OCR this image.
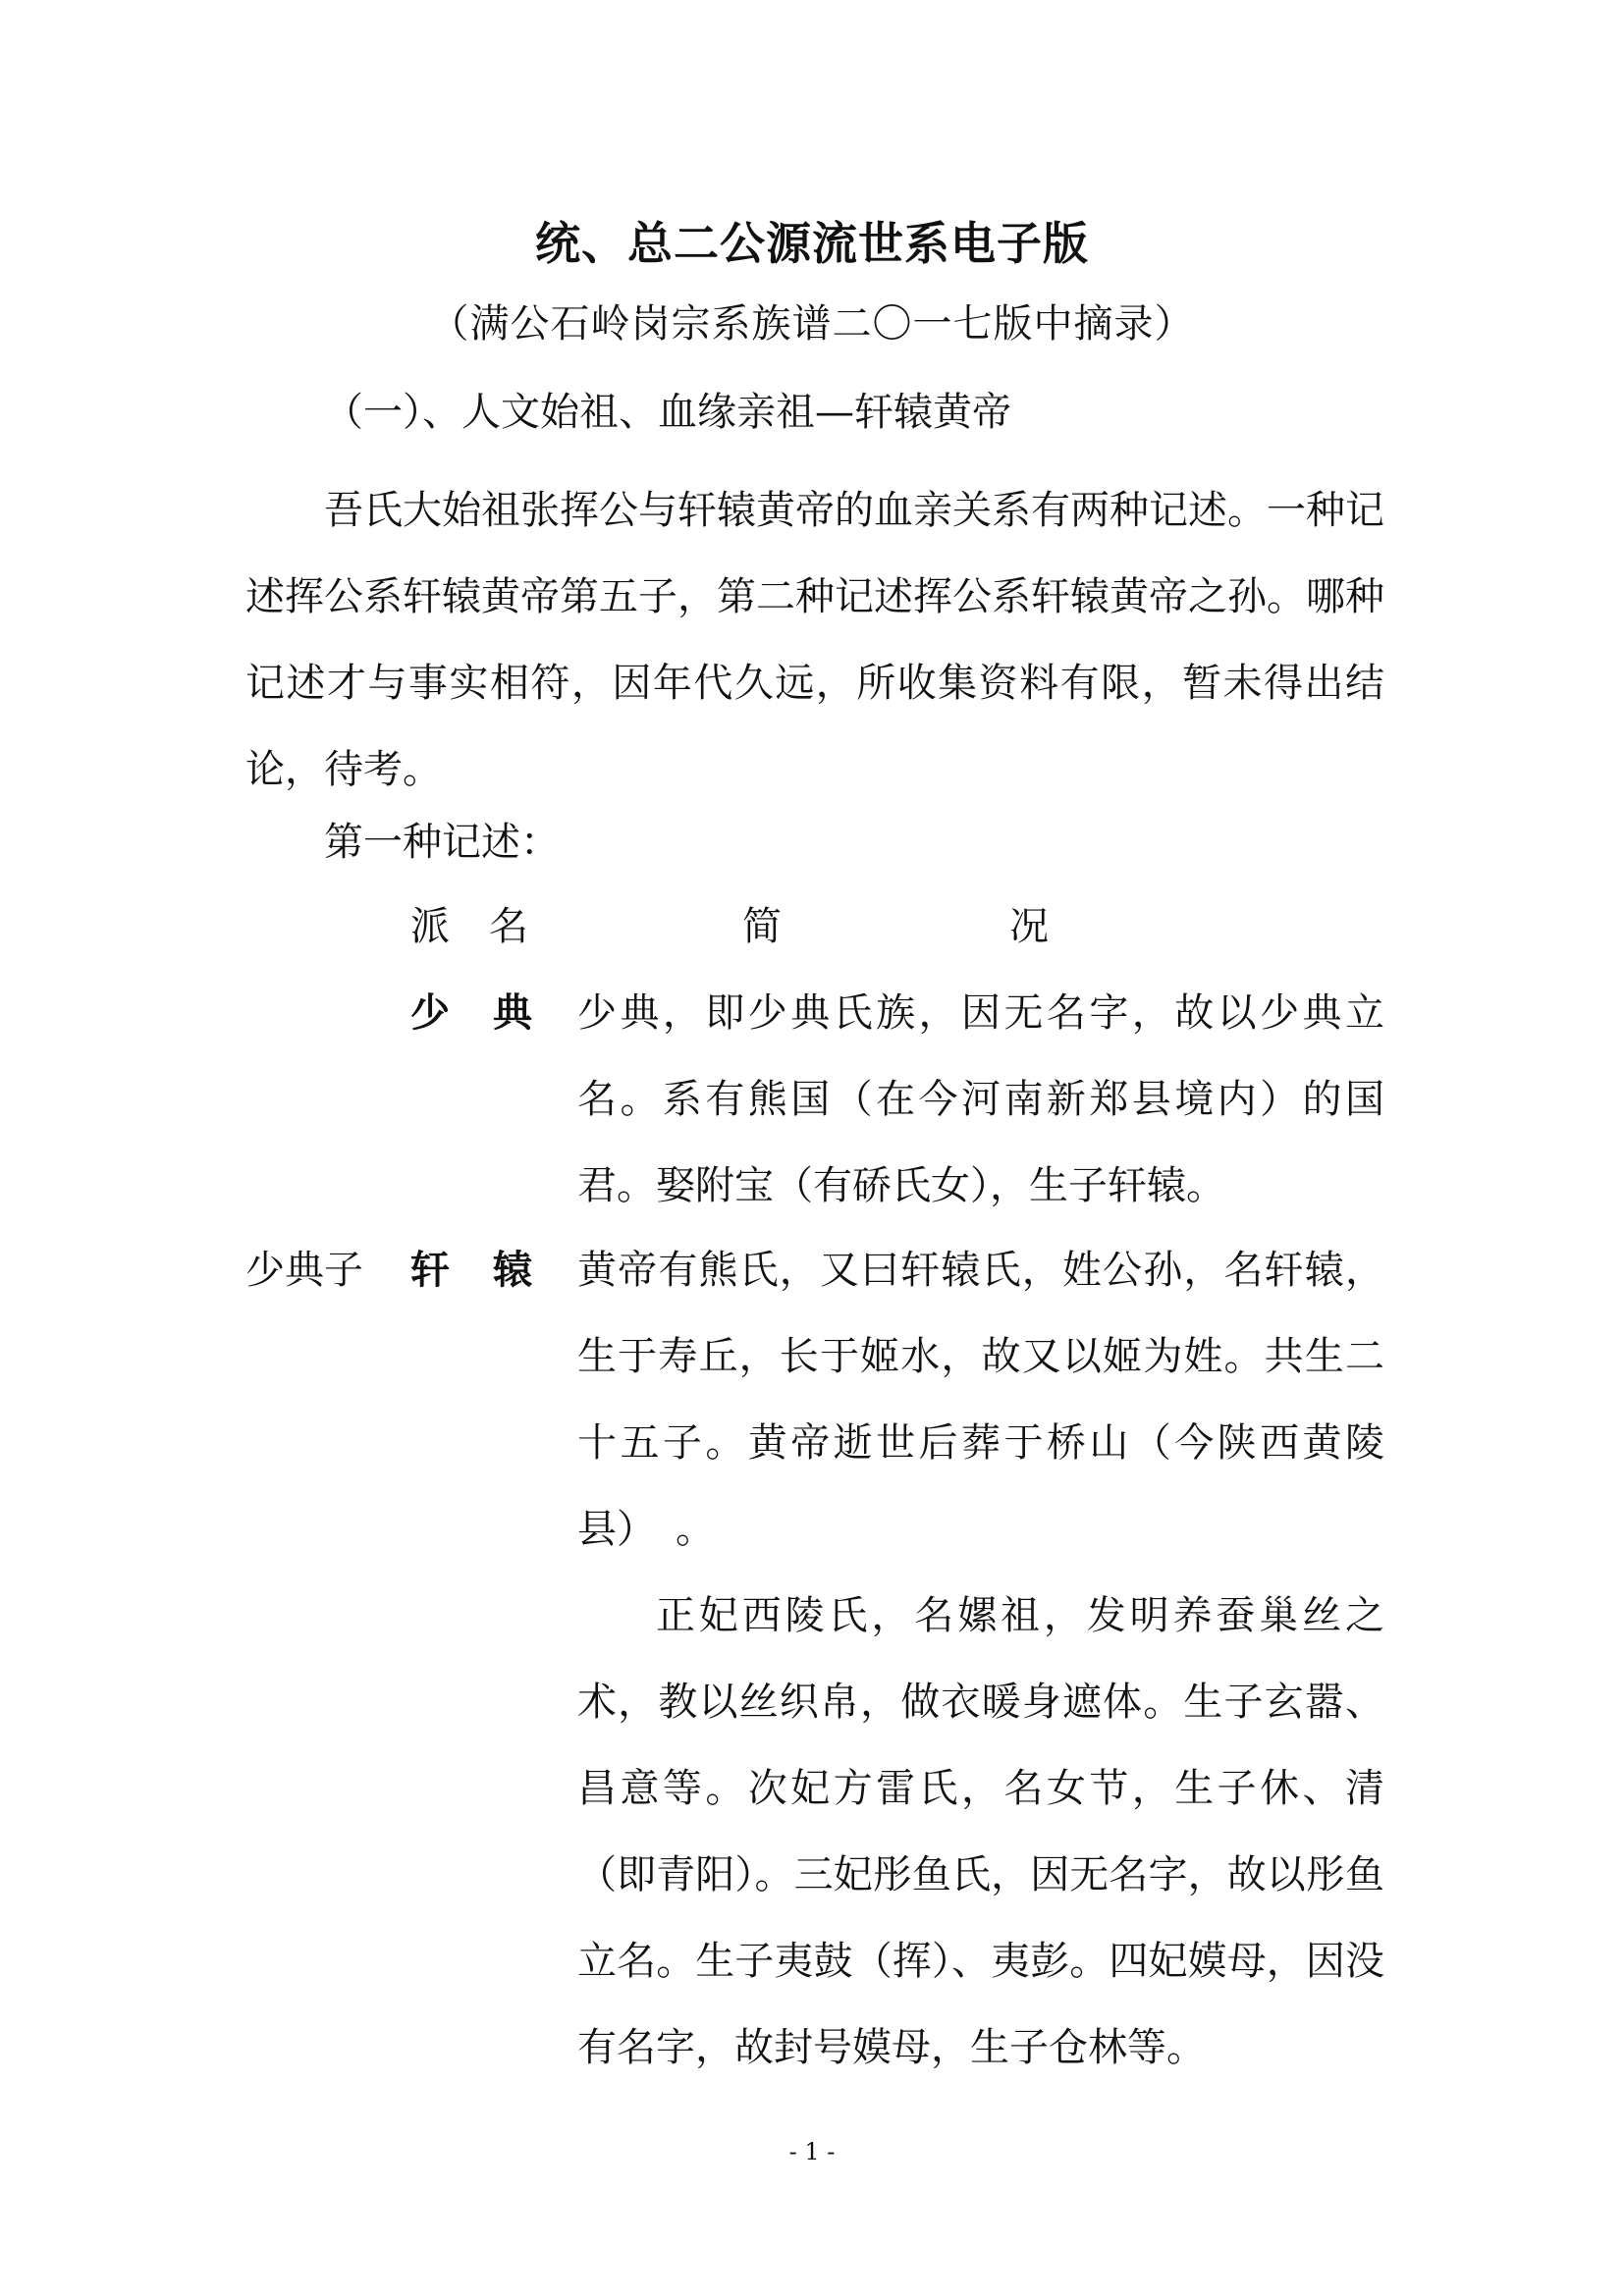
统、总二公源流世系电子版
（满公石岭岗宗系族谱二〇一七版中摘录）
（一）、人文始祖、血缘亲祖—轩辕黄帝

吾氏大始祖张挥公与轩辕黄帝的血亲关系有两种记述。一种记述挥公系轩辕黄帝第五子，第二种记述挥公系轩辕黄帝之孙。哪种记述才与事实相符，因年代久远，所收集资料有限，暂未得出结论，待考。

第一种记述：
派　名	简	况
少典 少典，即少典氏族，因无名字，故以少典立名。系有熊国（在今河南新郑县境内）的国君。娶附宝（有硚氏女），生子轩辕。

少典子 轩辕 黄帝有熊氏，又曰轩辕氏，姓公孙，名轩辕，生于寿丘，长于姬水，故又以姬为姓。共生二十五子。黄帝逝世后葬于桥山（今陕西黄陵县）　。

正妃西陵氏，名嫘祖，发明养蚕巢丝之术，教以丝织帛，做衣暖身遮体。生子玄嚣、昌意等。次妃方雷氏，名女节，生子休、清（即青阳）。三妃彤鱼氏，因无名字，故以彤鱼立名。生子夷鼓（挥）、夷彭。四妃嫫母，因没有名字，故封号嫫母，生子仓林等。

- 1 -
